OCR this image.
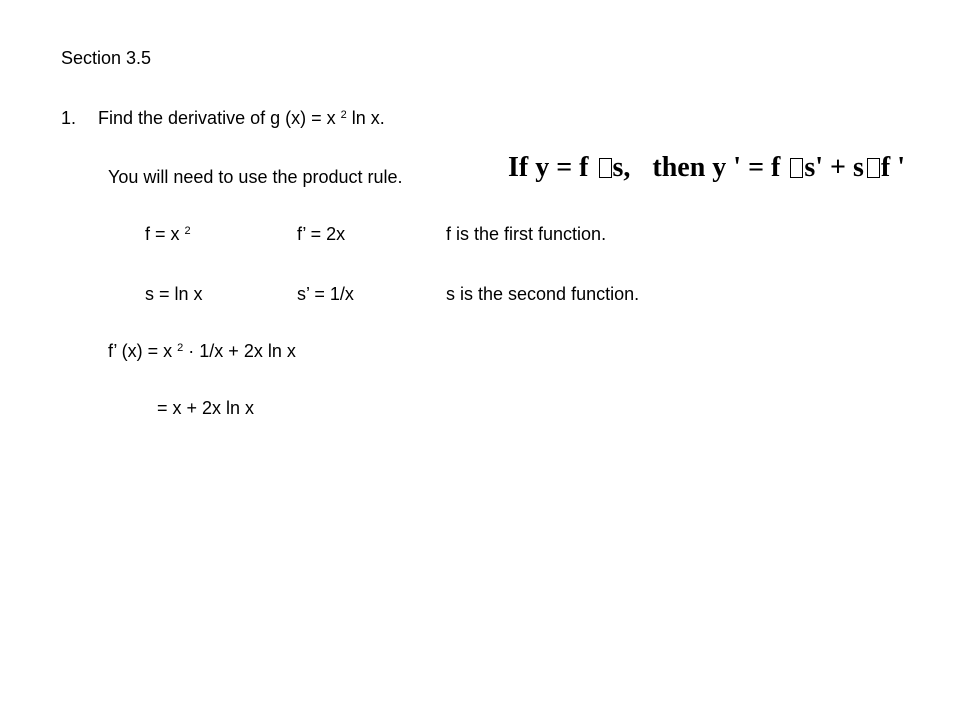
Section 3.5
1. Find the derivative of g (x) = x $^2$ ln x.
You will need to use the product rule.	If y = f s, then y ' = f s' + s f '
f = x $^2$	f’ = 2x	f is the first function.
s = ln x	s’ = 1/x	s is the second function.
f’ (x) = x $^2$ · 1/x + 2x ln x
= x + 2x ln x
